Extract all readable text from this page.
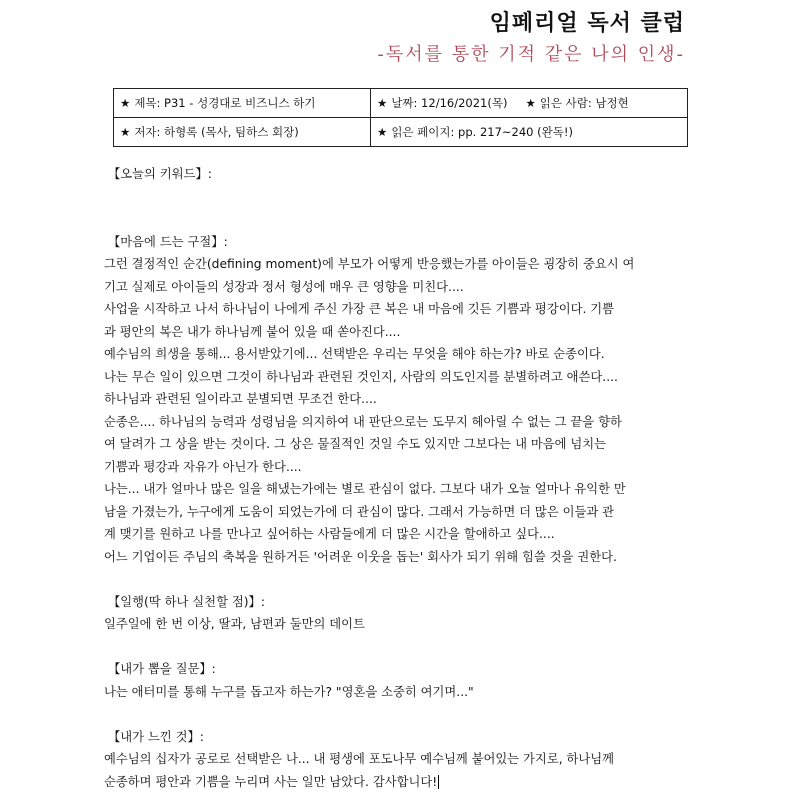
임페리얼 독서 클럽
-독서를 통한 기적 같은 나의 인생-
★ 제목: P31 - 성경대로 비즈니스 하기	★ 날짜: 12/16/2021(목) ★ 읽은 사람: 남정현
★ 저자: 하형록 (목사, 팀하스 회장)	★ 읽은 페이지: pp. 217~240 (완독!)

【오늘의 키워드】:

【마음에 드는 구절】:

그런 결정적인 순간(defining moment)에 부모가 어떻게 반응했는가를 아이들은 굉장히 중요시 여

기고 실제로 아이들의 성장과 정서 형성에 매우 큰 영향을 미친다....

사업을 시작하고 나서 하나님이 나에게 주신 가장 큰 복은 내 마음에 깃든 기쁨과 평강이다. 기쁨

과 평안의 복은 내가 하나님께 붙어 있을 때 쏟아진다....

예수님의 희생을 통해... 용서받았기에... 선택받은 우리는 무엇을 해야 하는가? 바로 순종이다.

나는 무슨 일이 있으면 그것이 하나님과 관련된 것인지, 사람의 의도인지를 분별하려고 애쓴다....

하나님과 관련된 일이라고 분별되면 무조건 한다....

순종은.... 하나님의 능력과 성령님을 의지하여 내 판단으로는 도무지 헤아릴 수 없는 그 끝을 향하

여 달려가 그 상을 받는 것이다. 그 상은 물질적인 것일 수도 있지만 그보다는 내 마음에 넘치는

기쁨과 평강과 자유가 아닌가 한다....

나는... 내가 얼마나 많은 일을 해냈는가에는 별로 관심이 없다. 그보다 내가 오늘 얼마나 유익한 만

남을 가졌는가, 누구에게 도움이 되었는가에 더 관심이 많다. 그래서 가능하면 더 많은 이들과 관

계 맺기를 원하고 나를 만나고 싶어하는 사람들에게 더 많은 시간을 할애하고 싶다....

어느 기업이든 주님의 축복을 원하거든 '어려운 이웃을 돕는' 회사가 되기 위해 힘쓸 것을 권한다.

【일행(딱 하나 실천할 점)】:

일주일에 한 번 이상, 딸과, 남편과 둘만의 데이트

【내가 뽑을 질문】:

나는 애터미를 통해 누구를 돕고자 하는가? "영혼을 소중히 여기며..."

【내가 느낀 것】:

예수님의 십자가 공로로 선택받은 나... 내 평생에 포도나무 예수님께 붙어있는 가지로, 하나님께

순종하며 평안과 기쁨을 누리며 사는 일만 남았다. 감사합니다!
